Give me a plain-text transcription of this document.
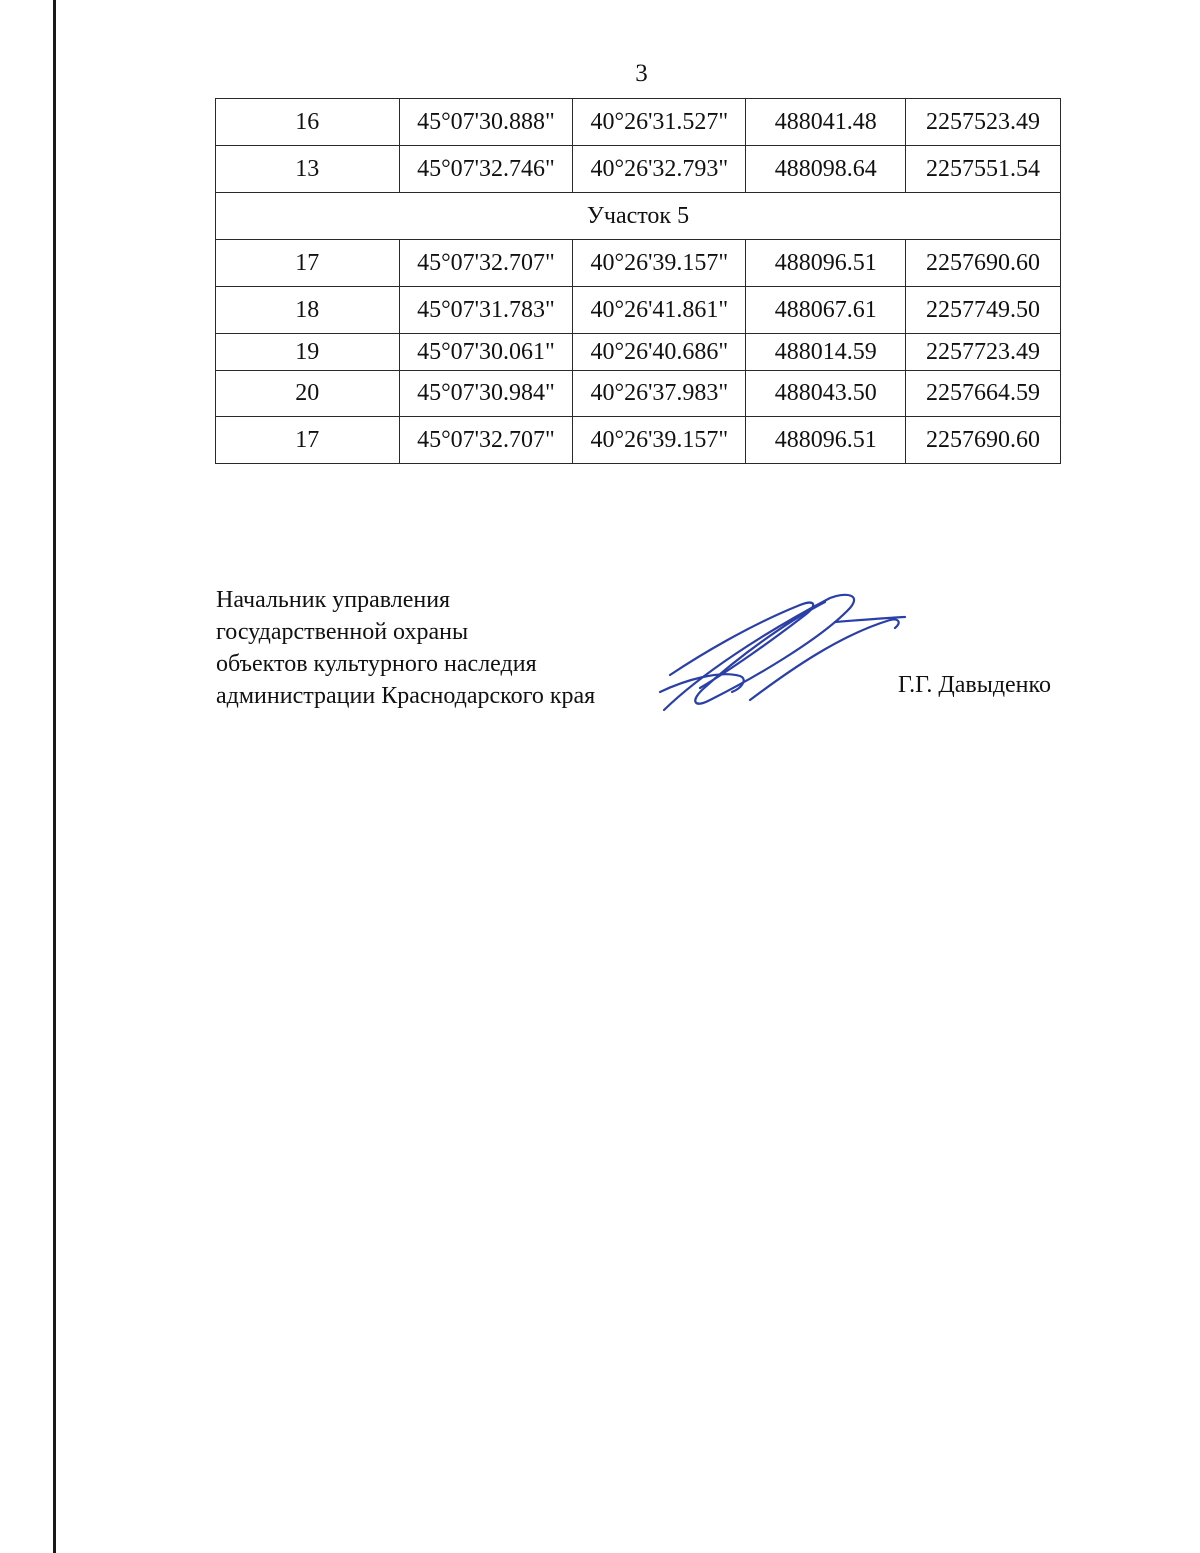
3
16	45°07'30.888"	40°26'31.527"	488041.48	2257523.49
13	45°07'32.746"	40°26'32.793"	488098.64	2257551.54
Участок 5				
17	45°07'32.707"	40°26'39.157"	488096.51	2257690.60
18	45°07'31.783"	40°26'41.861"	488067.61	2257749.50
19	45°07'30.061"	40°26'40.686"	488014.59	2257723.49
20	45°07'30.984"	40°26'37.983"	488043.50	2257664.59
17	45°07'32.707"	40°26'39.157"	488096.51	2257690.60
Начальник управления
государственной охраны
объектов культурного наследия
администрации Краснодарского края	Г.Г. Давыденко
